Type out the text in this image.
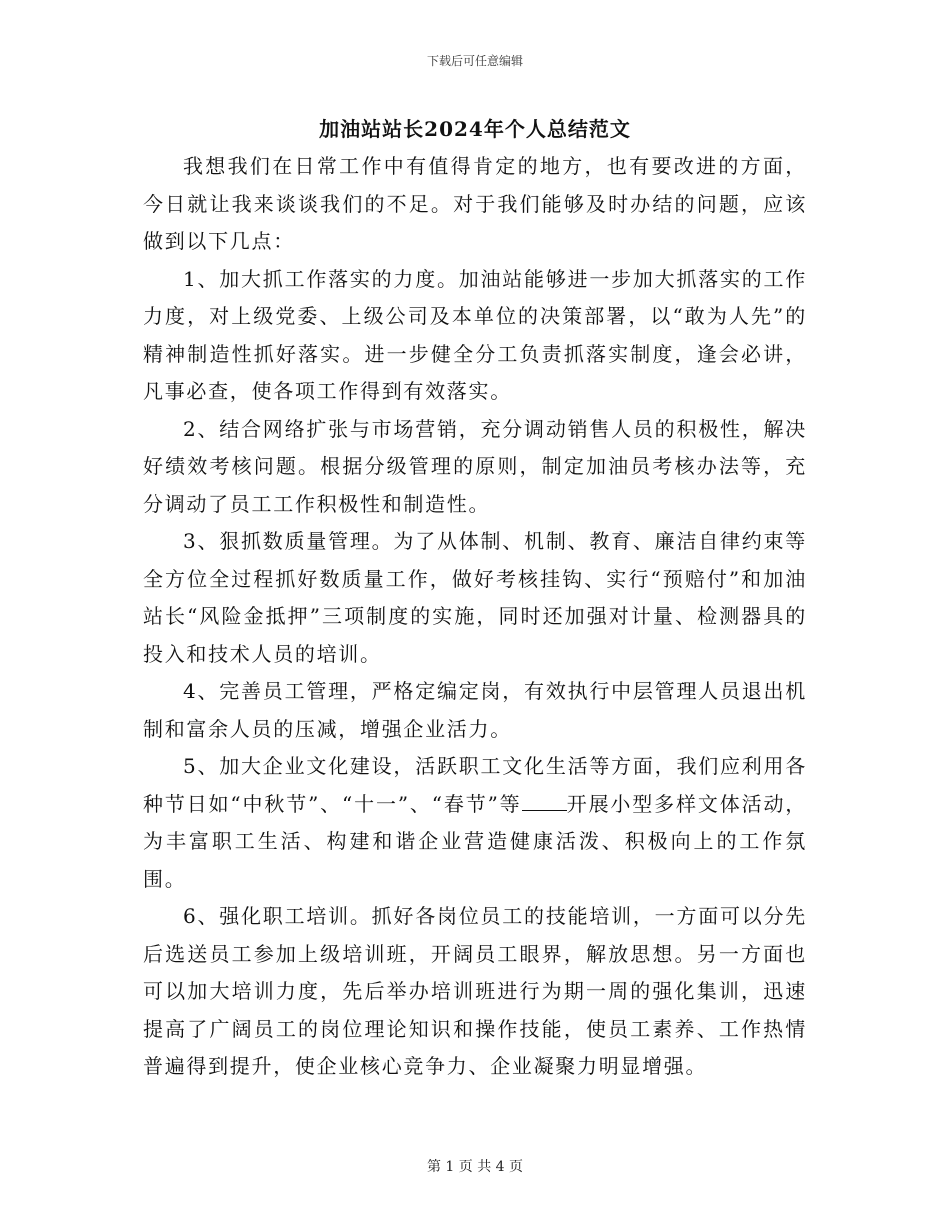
下载后可任意编辑
加油站站长2024年个人总结范文

我想我们在日常工作中有值得肯定的地方，也有要改进的方面，今日就让我来谈谈我们的不足。对于我们能够及时办结的问题，应该做到以下几点：

1、加大抓工作落实的力度。加油站能够进一步加大抓落实的工作力度，对上级党委、上级公司及本单位的决策部署，以“敢为人先”的精神制造性抓好落实。进一步健全分工负责抓落实制度，逢会必讲，凡事必查，使各项工作得到有效落实。

2、结合网络扩张与市场营销，充分调动销售人员的积极性，解决好绩效考核问题。根据分级管理的原则，制定加油员考核办法等，充分调动了员工工作积极性和制造性。

3、狠抓数质量管理。为了从体制、机制、教育、廉洁自律约束等全方位全过程抓好数质量工作，做好考核挂钩、实行“预赔付”和加油站长“风险金抵押”三项制度的实施，同时还加强对计量、检测器具的投入和技术人员的培训。

4、完善员工管理，严格定编定岗，有效执行中层管理人员退出机制和富余人员的压减，增强企业活力。

5、加大企业文化建设，活跃职工文化生活等方面，我们应利用各种节日如“中秋节”、“十一”、“春节”等 开展小型多样文体活动，为丰富职工生活、构建和谐企业营造健康活泼、积极向上的工作氛围。

6、强化职工培训。抓好各岗位员工的技能培训，一方面可以分先后选送员工参加上级培训班，开阔员工眼界，解放思想。另一方面也可以加大培训力度，先后举办培训班进行为期一周的强化集训，迅速提高了广阔员工的岗位理论知识和操作技能，使员工素养、工作热情普遍得到提升，使企业核心竞争力、企业凝聚力明显增强。

第 1 页 共 4 页
